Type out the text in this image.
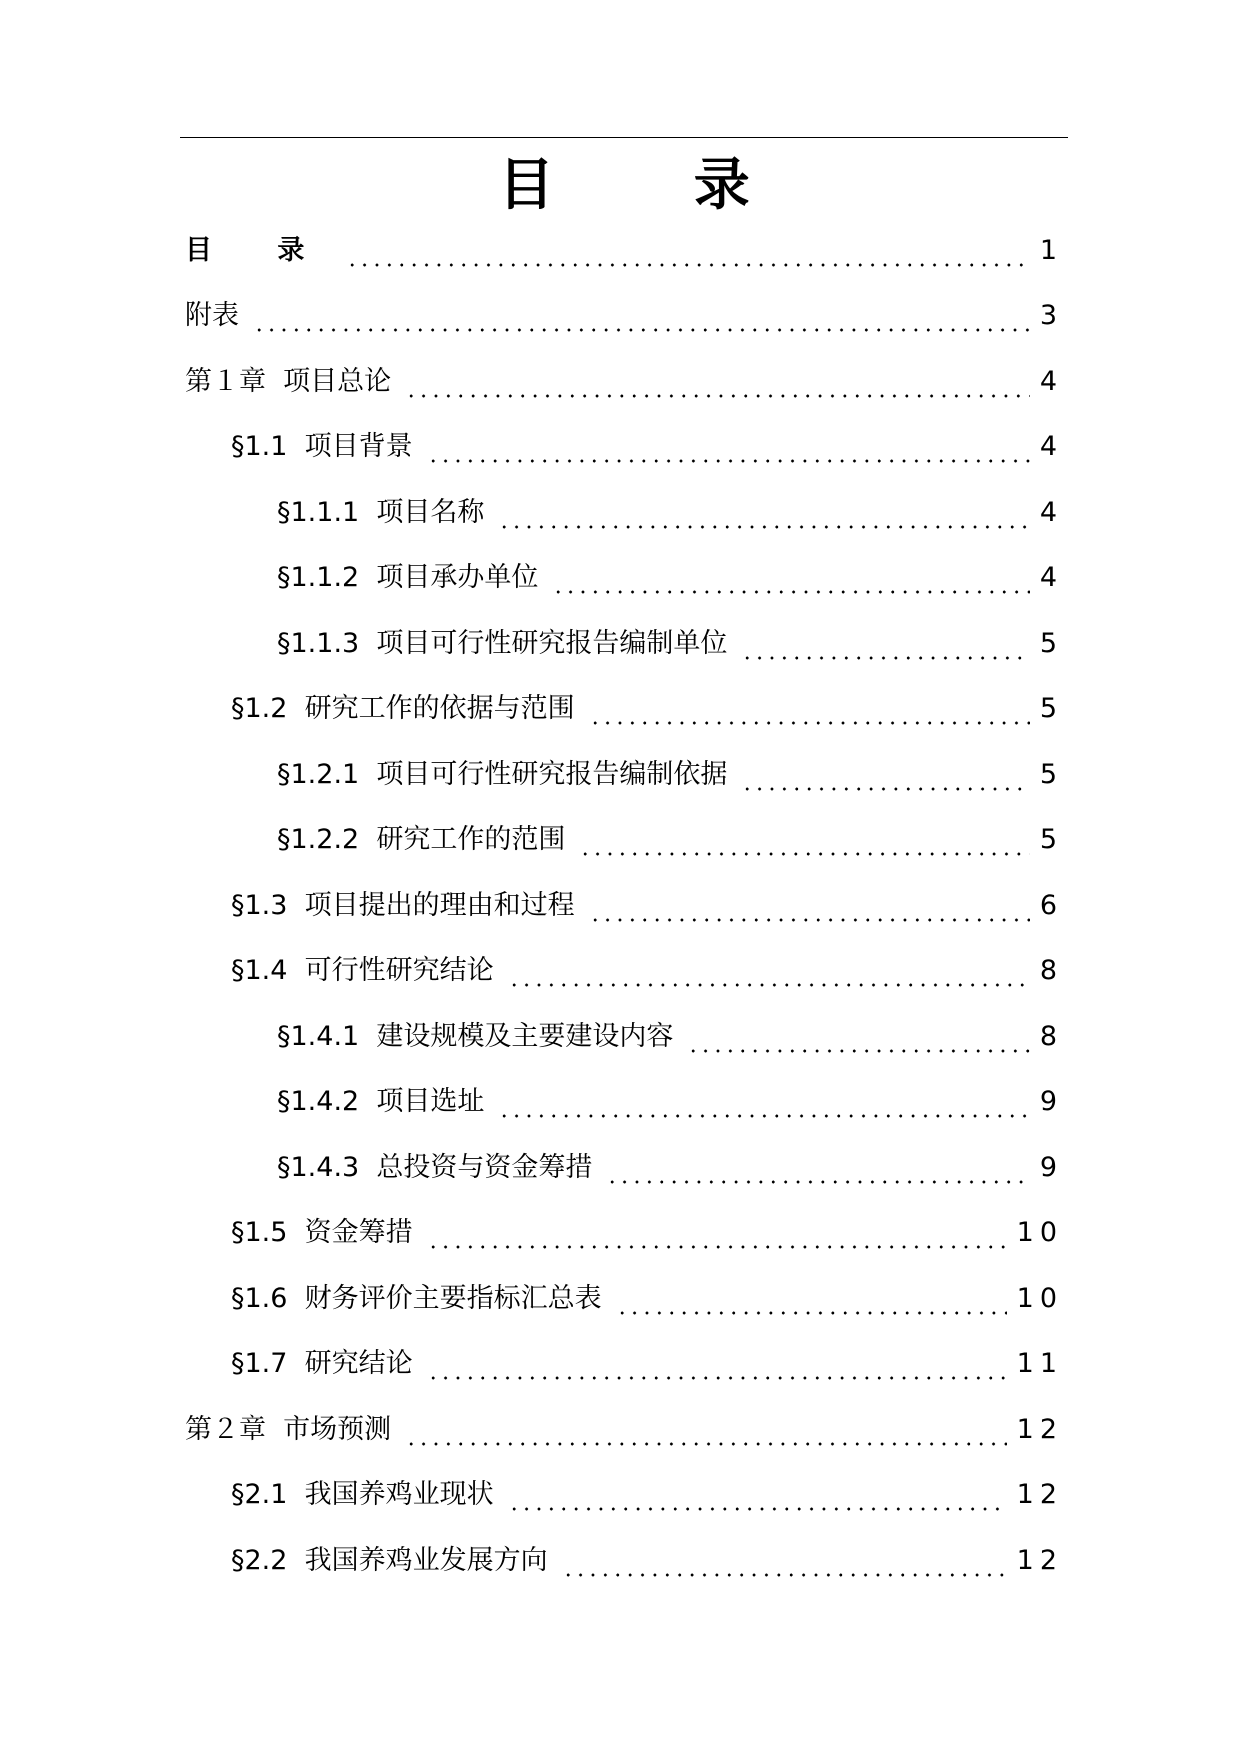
目 录
目 录	1
附表	3
第１章  项目总论	4
§1.1  项目背景	4
§1.1.1  项目名称	4
§1.1.2  项目承办单位	4
§1.1.3  项目可行性研究报告编制单位	5
§1.2  研究工作的依据与范围	5
§1.2.1  项目可行性研究报告编制依据	5
§1.2.2  研究工作的范围	5
§1.3  项目提出的理由和过程	6
§1.4  可行性研究结论	8
§1.4.1  建设规模及主要建设内容	8
§1.4.2  项目选址	9
§1.4.3  总投资与资金筹措	9
§1.5  资金筹措	10
§1.6  财务评价主要指标汇总表	10
§1.7  研究结论	11
第２章  市场预测	12
§2.1  我国养鸡业现状	12
§2.2  我国养鸡业发展方向	12
